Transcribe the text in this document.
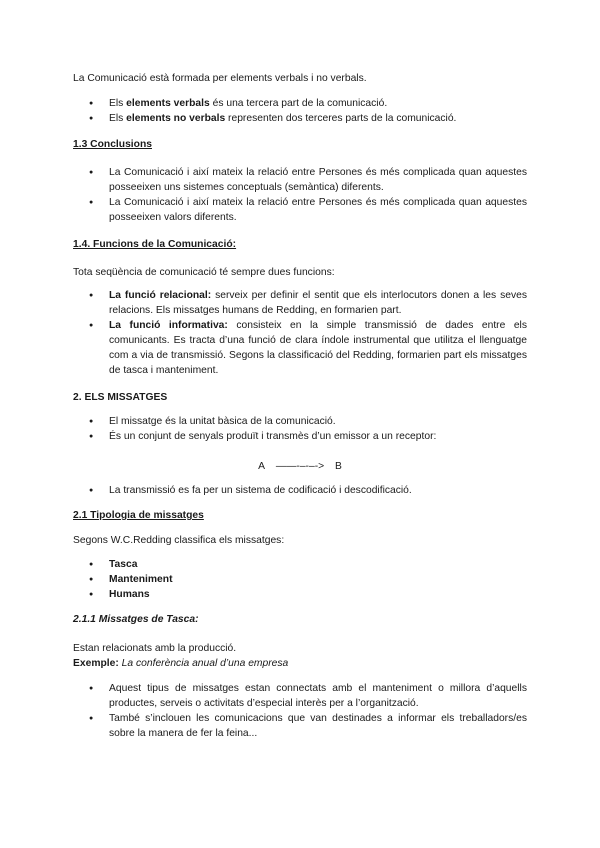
La Comunicació està formada per elements verbals i no verbals.

● Els elements verbals és una tercera part de la comunicació.
● Els elements no verbals representen dos terceres parts de la comunicació.
1.3 Conclusions
● La Comunicació i així mateix la relació entre Persones és més complicada quan aquestes posseeixen uns sistemes conceptuals (semàntica) diferents.
● La Comunicació i així mateix la relació entre Persones és més complicada quan aquestes posseeixen valors diferents.
1.4. Funcions de la Comunicació:

Tota seqüència de comunicació té sempre dues funcions:

● La funció relacional: serveix per definir el sentit que els interlocutors donen a les seves relacions. Els missatges humans de Redding, en formarien part.
● La funció informativa: consisteix en la simple transmissió de dades entre els comunicants. Es tracta d’una funció de clara índole instrumental que utilitza el llenguatge com a via de transmissió. Segons la classificació del Redding, formarien part els missatges de tasca i manteniment.
2. ELS MISSATGES
● El missatge és la unitat bàsica de la comunicació.
● És un conjunt de senyals produït i transmès d’un emissor a un receptor:
A ——-–-–-> B
● La transmissió es fa per un sistema de codificació i descodificació.
2.1 Tipologia de missatges

Segons W.C.Redding classifica els missatges:

● Tasca
● Manteniment
● Humans
2.1.1 Missatges de Tasca:

Estan relacionats amb la producció.

Exemple: La conferència anual d’una empresa

● Aquest tipus de missatges estan connectats amb el manteniment o millora d’aquells productes, serveis o activitats d’especial interès per a l’organització.
● També s’inclouen les comunicacions que van destinades a informar els treballadors/es sobre la manera de fer la feina...
